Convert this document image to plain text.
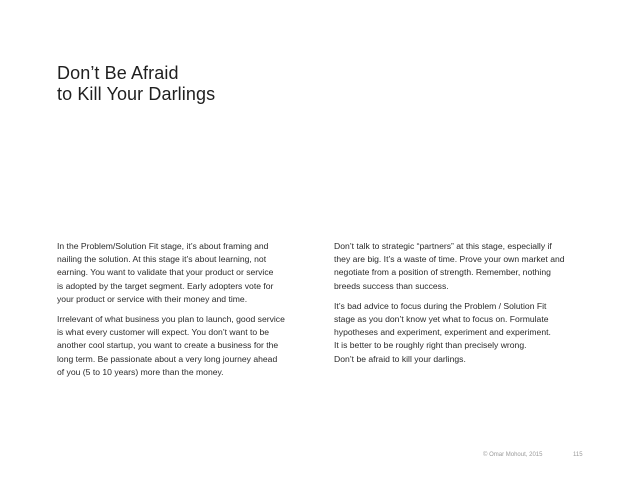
Don’t Be Afraid
to Kill Your Darlings

In the Problem/Solution Fit stage, it’s about framing and
nailing the solution. At this stage it’s about learning, not
earning. You want to validate that your product or service
is adopted by the target segment. Early adopters vote for
your product or service with their money and time.

Irrelevant of what business you plan to launch, good service
is what every customer will expect. You don’t want to be
another cool startup, you want to create a business for the
long term. Be passionate about a very long journey ahead
of you (5 to 10 years) more than the money.

Don’t talk to strategic “partners” at this stage, especially if
they are big. It’s a waste of time. Prove your own market and
negotiate from a position of strength. Remember, nothing
breeds success than success.

It’s bad advice to focus during the Problem / Solution Fit
stage as you don’t know yet what to focus on. Formulate
hypotheses and experiment, experiment and experiment.
It is better to be roughly right than precisely wrong.
Don’t be afraid to kill your darlings.

© Omar Mohout, 2015	115
